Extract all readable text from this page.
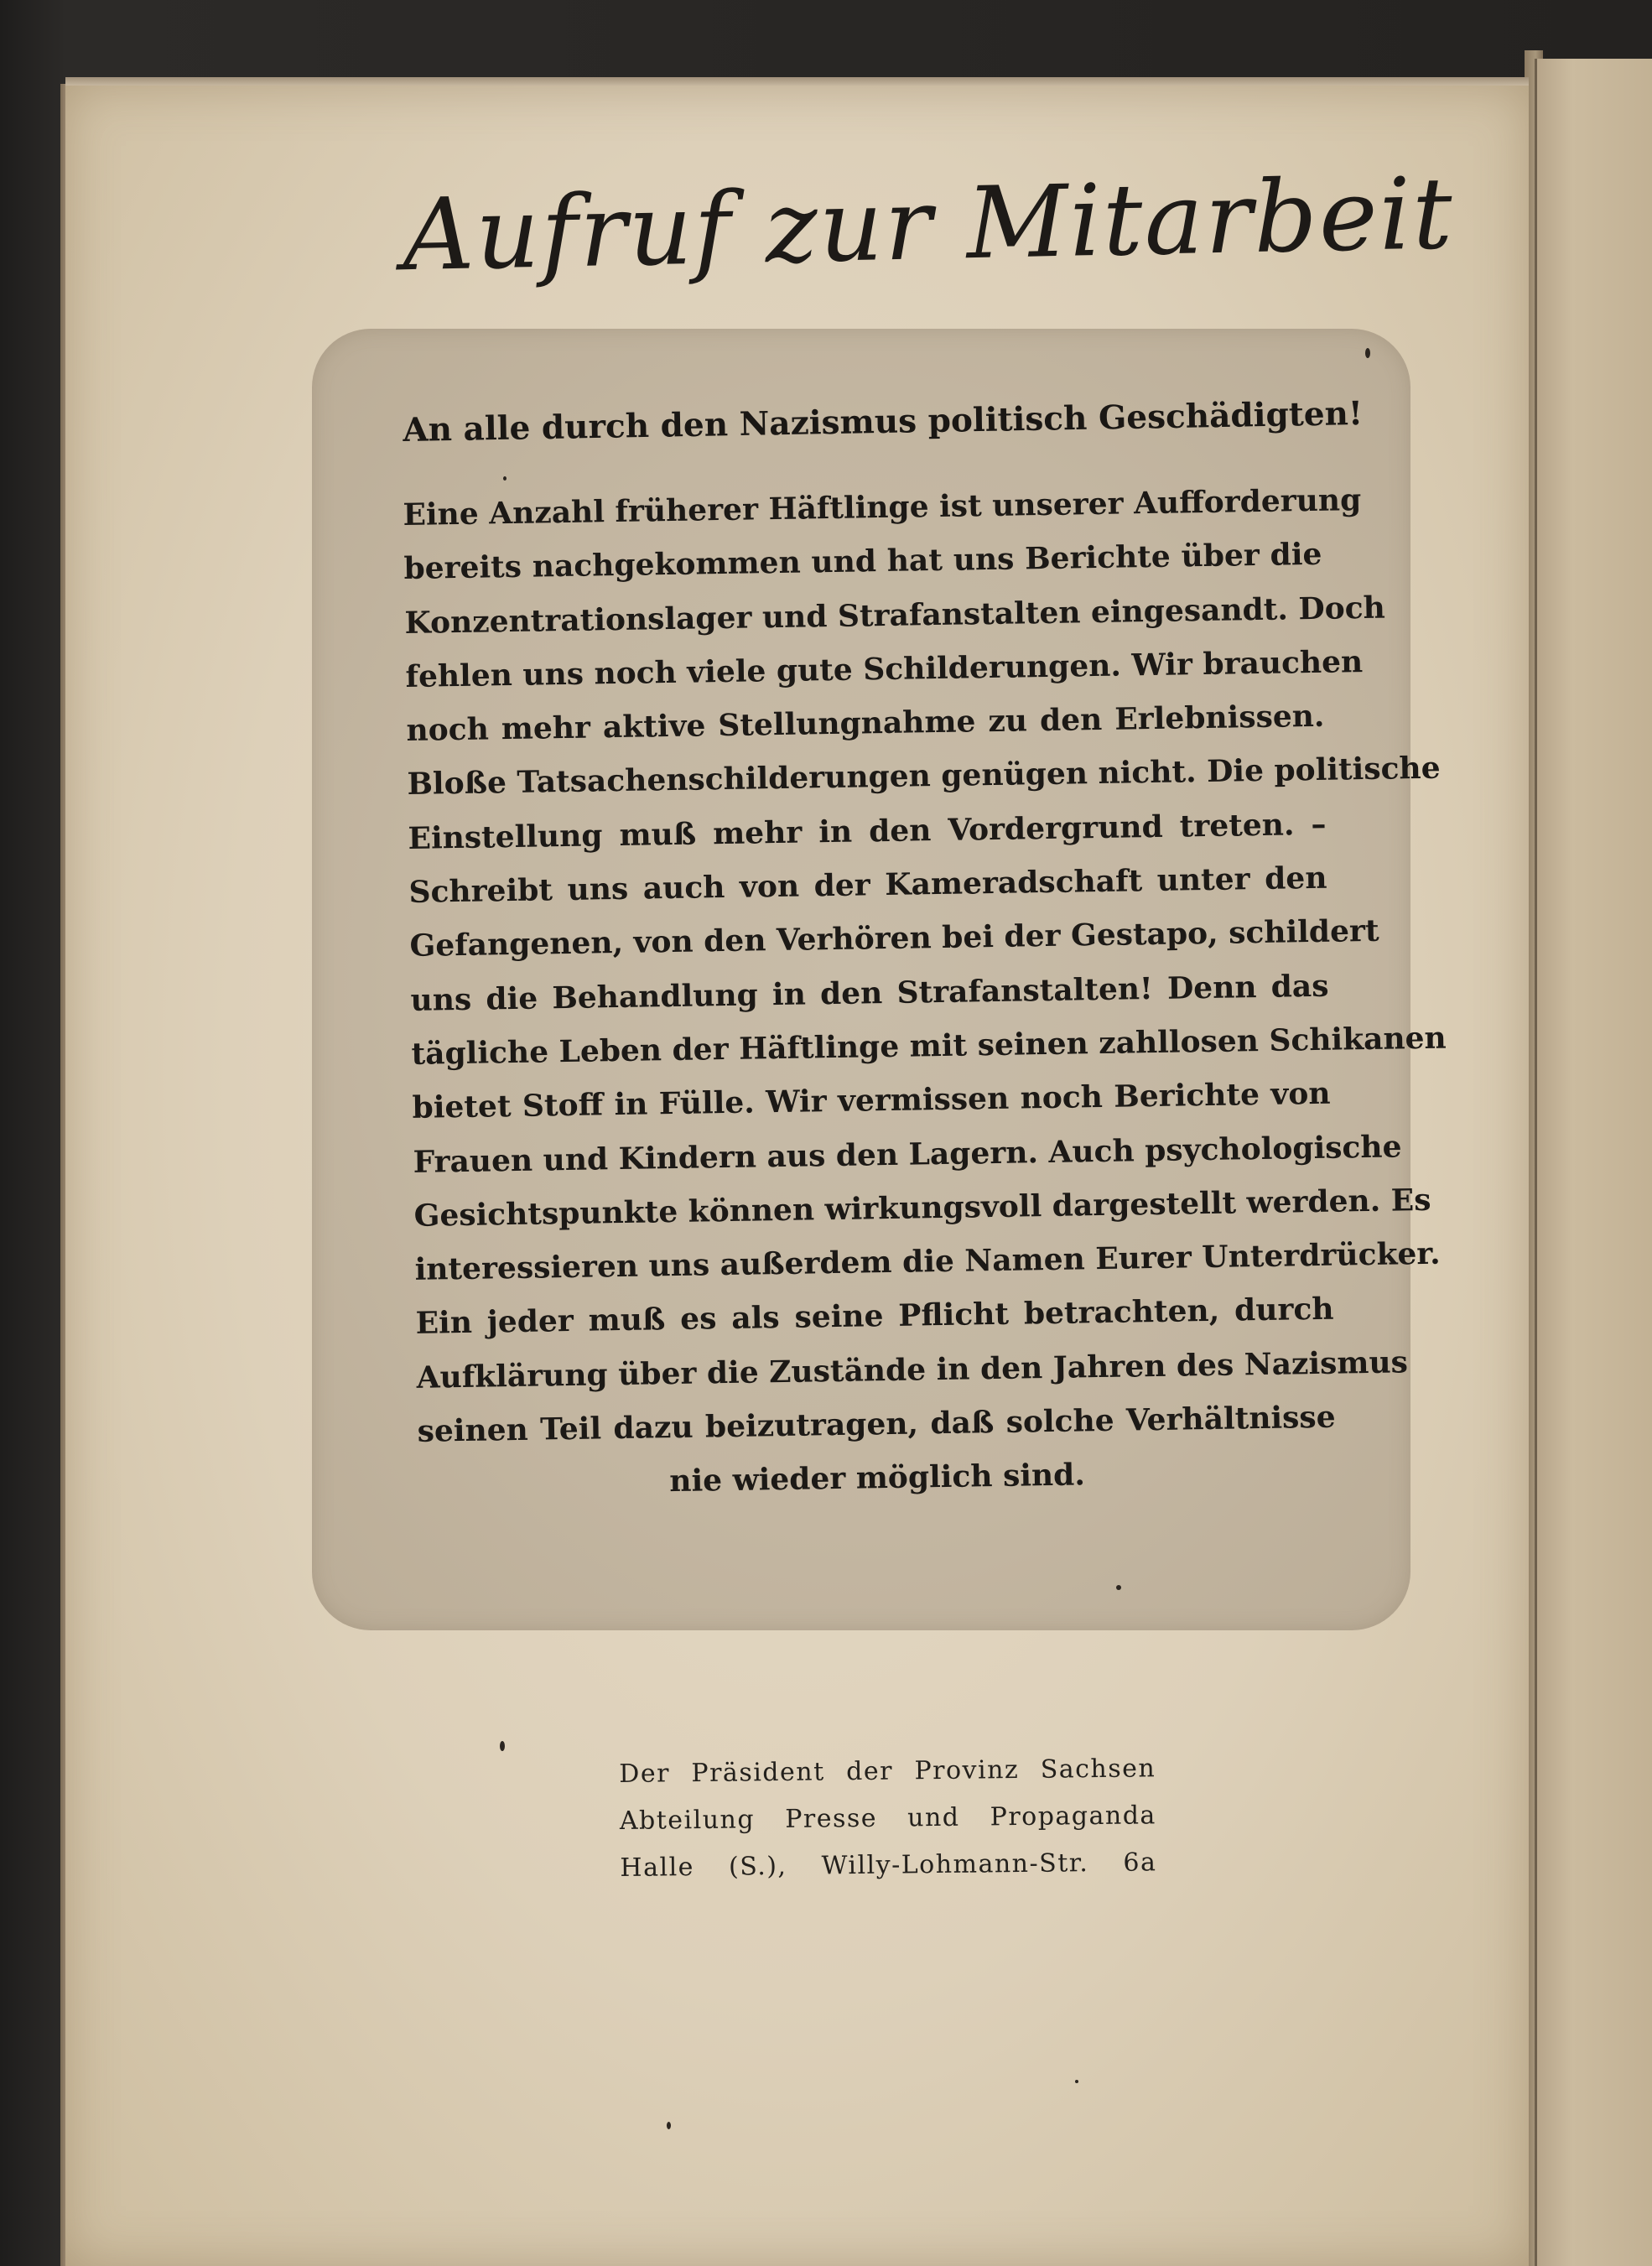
Aufruf zur Mitarbeit
An alle durch den Nazismus politisch Geschädigten!
Eine Anzahl früherer Häftlinge ist unserer Aufforderung
bereits nachgekommen und hat uns Berichte über die
Konzentrationslager und Strafanstalten eingesandt. Doch
fehlen uns noch viele gute Schilderungen. Wir brauchen
noch mehr aktive Stellungnahme zu den Erlebnissen.
Bloße Tatsachenschilderungen genügen nicht. Die politische
Einstellung muß mehr in den Vordergrund treten. –
Schreibt uns auch von der Kameradschaft unter den
Gefangenen, von den Verhören bei der Gestapo, schildert
uns die Behandlung in den Strafanstalten! Denn das
tägliche Leben der Häftlinge mit seinen zahllosen Schikanen
bietet Stoff in Fülle. Wir vermissen noch Berichte von
Frauen und Kindern aus den Lagern. Auch psychologische
Gesichtspunkte können wirkungsvoll dargestellt werden. Es
interessieren uns außerdem die Namen Eurer Unterdrücker.
Ein jeder muß es als seine Pflicht betrachten, durch
Aufklärung über die Zustände in den Jahren des Nazismus
seinen Teil dazu beizutragen, daß solche Verhältnisse
nie wieder möglich sind.
Der Präsident der Provinz Sachsen
Abteilung Presse und Propaganda
Halle (S.), Willy-Lohmann-Str. 6a
